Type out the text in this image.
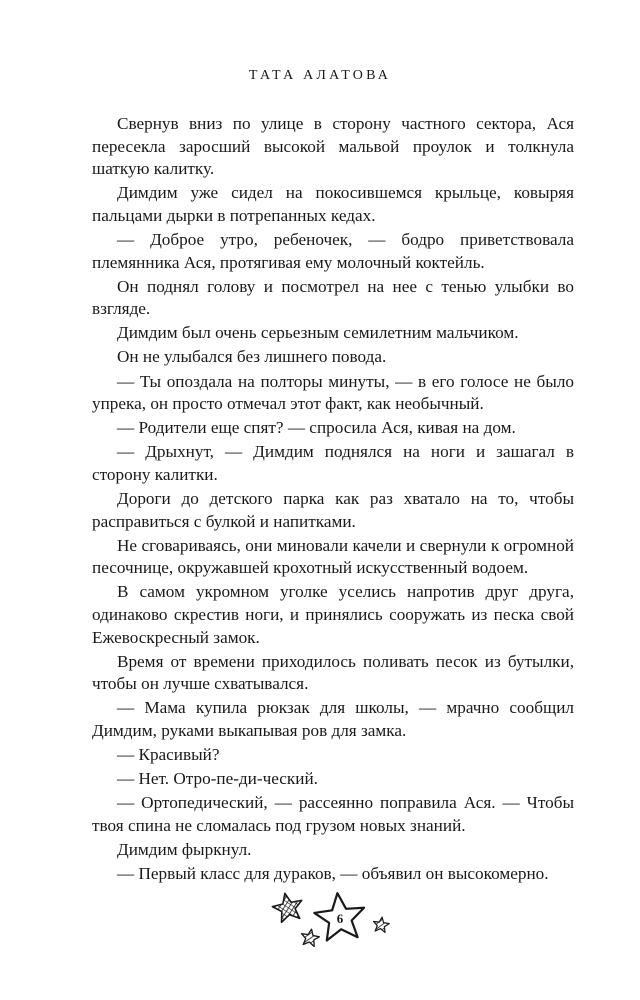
ТАТА АЛАТОВА

Свернув вниз по улице в сторону частного сектора, Ася пересекла заросший высокой мальвой проулок и толкнула шаткую калитку.

Димдим уже сидел на покосившемся крыльце, ковыряя пальцами дырки в потрепанных кедах.

— Доброе утро, ребеночек, — бодро приветствовала племянника Ася, протягивая ему молочный коктейль.

Он поднял голову и посмотрел на нее с тенью улыбки во взгляде.

Димдим был очень серьезным семилетним мальчиком.

Он не улыбался без лишнего повода.

— Ты опоздала на полторы минуты, — в его голосе не было упрека, он просто отмечал этот факт, как необычный.

— Родители еще спят? — спросила Ася, кивая на дом.

— Дрыхнут, — Димдим поднялся на ноги и зашагал в сторону калитки.

Дороги до детского парка как раз хватало на то, чтобы расправиться с булкой и напитками.

Не сговариваясь, они миновали качели и свернули к огромной песочнице, окружавшей крохотный искусственный водоем.

В самом укромном уголке уселись напротив друг друга, одинаково скрестив ноги, и принялись сооружать из песка свой Ежевоскресный замок.

Время от времени приходилось поливать песок из бутылки, чтобы он лучше схватывался.

— Мама купила рюкзак для школы, — мрачно сообщил Димдим, руками выкапывая ров для замка.

— Красивый?

— Нет. Отро-пе-ди-ческий.

— Ортопедический, — рассеянно поправила Ася. — Чтобы твоя спина не сломалась под грузом новых знаний.

Димдим фыркнул.

— Первый класс для дураков, — объявил он высокомерно.

6
